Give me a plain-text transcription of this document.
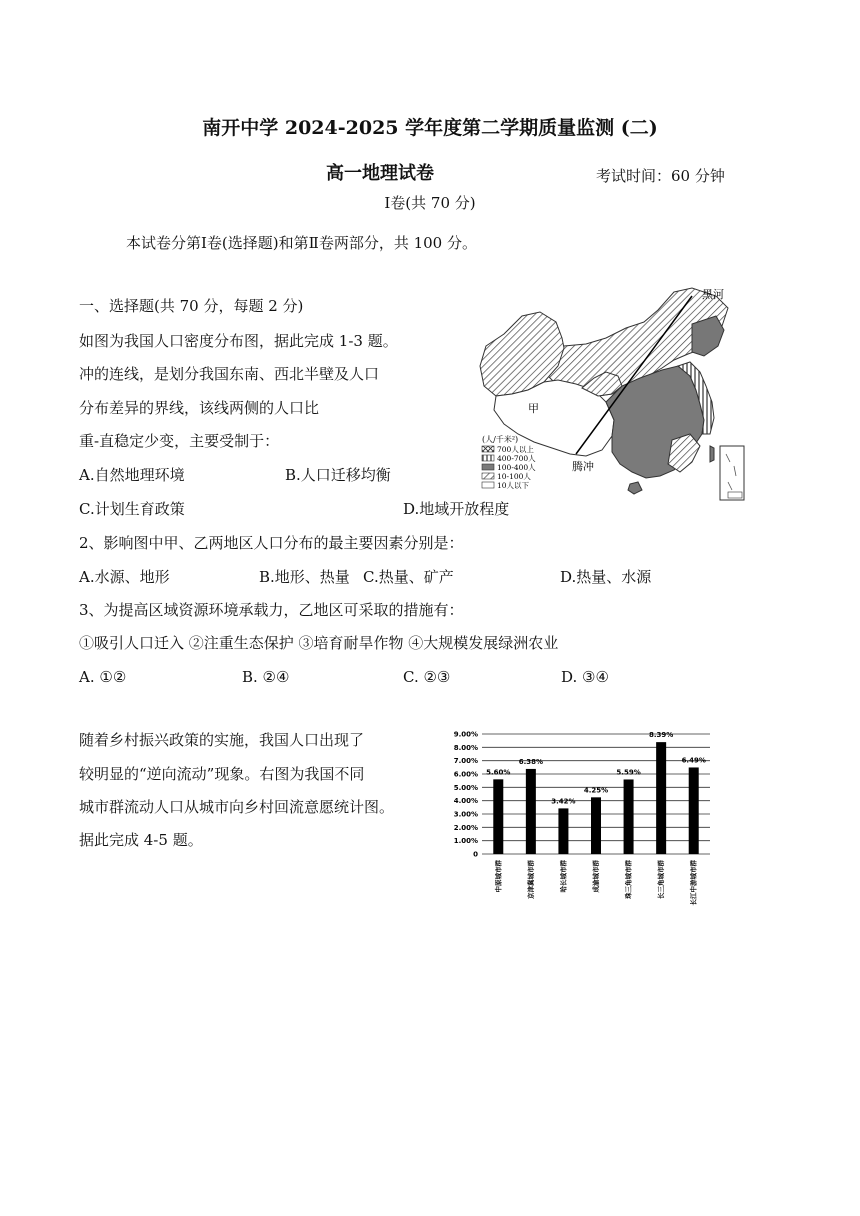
南开中学 2024-2025 学年度第二学期质量监测 (二)
高一地理试卷	考试时间：60 分钟
Ⅰ卷(共 70 分)
本试卷分第Ⅰ卷(选择题)和第Ⅱ卷两部分，共 100 分。
一、选择题(共 70 分，每题 2 分)
如图为我国人口密度分布图，据此完成 1-3 题。
冲的连线，是划分我国东南、西北半壁及人口
分布差异的界线，该线两侧的人口比
重-直稳定少变，主要受制于：
A.自然地理环境	B.人口迁移均衡
C.计划生育政策	D.地域开放程度
2、影响图中甲、乙两地区人口分布的最主要因素分别是：
A.水源、地形	B.地形、热量 C.热量、矿产	D.热量、水源
3、为提高区域资源环境承载力，乙地区可采取的措施有：
①吸引人口迁入 ②注重生态保护 ③培育耐旱作物 ④大规模发展绿洲农业
A. ①②	B. ②④	C. ②③	D. ③④
随着乡村振兴政策的实施，我国人口出现了
较明显的“逆向流动”现象。右图为我国不同
城市群流动人口从城市向乡村回流意愿统计图。
据此完成 4-5 题。
黑河
腾冲
甲
(人/千米²)
700人以上
400-700人
100-400人
10-100人
10人以下
0
1.00%
2.00%
3.00%
4.00%
5.00%
6.00%
7.00%
8.00%
9.00%
5.60%
6.38%
3.42%
4.25%
5.59%
8.39%
6.49%
中原城市群	京津冀城市群	哈长城市群	成渝城市群	珠三角城市群	长三角城市群	长江中游城市群
